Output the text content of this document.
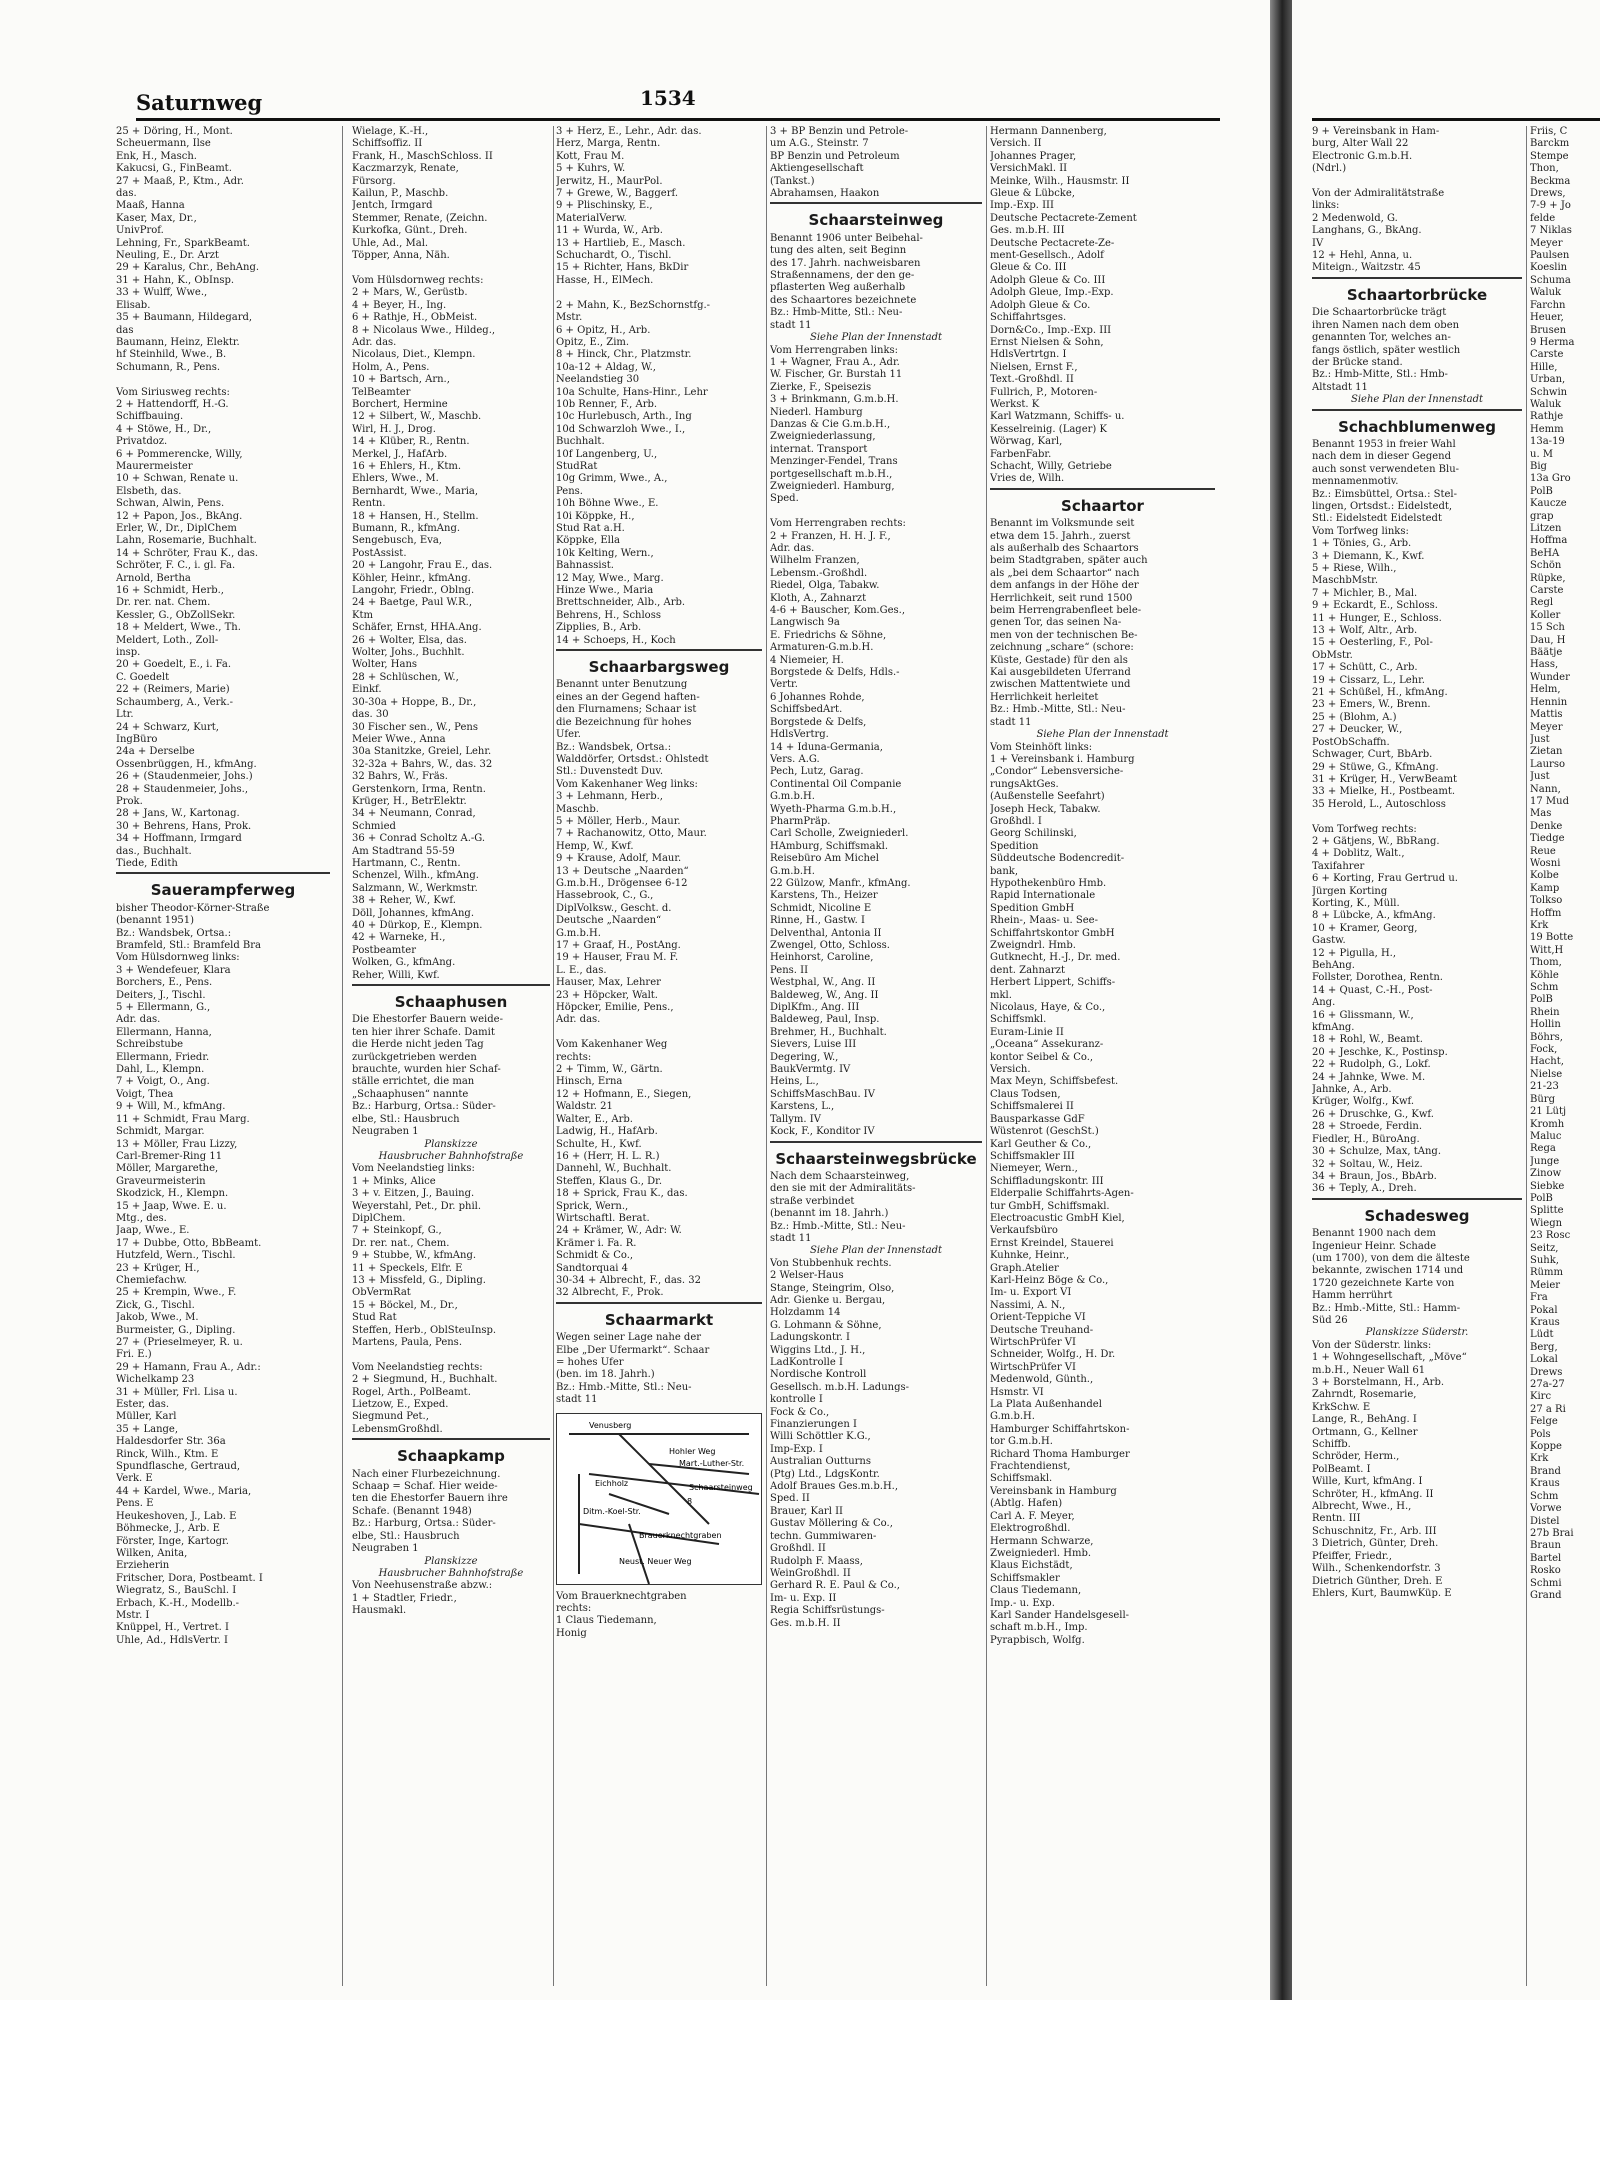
Saturnweg	1534
25 + Döring, H., Mont.
Scheuermann, Ilse
Enk, H., Masch.
Kakucsi, G., FinBeamt.
27 + Maaß, P., Ktm., Adr.
das.
Maaß, Hanna
Kaser, Max, Dr.,
UnivProf.
Lehning, Fr., SparkBeamt.
Neuling, E., Dr. Arzt
29 + Karalus, Chr., BehAng.
31 + Hahn, K., ObInsp.
33 + Wulff, Wwe.,
Elisab.
35 + Baumann, Hildegard,
das
Baumann, Heinz, Elektr.
hf Steinhild, Wwe., B.
Schumann, R., Pens.

Vom Siriusweg rechts:
2 + Hattendorff, H.-G.
Schiffbauing.
4 + Stöwe, H., Dr.,
Privatdoz.
6 + Pommerencke, Willy,
Maurermeister
10 + Schwan, Renate u.
Elsbeth, das.
Schwan, Alwin, Pens.
12 + Papon, Jos., BkAng.
Erler, W., Dr., DiplChem
Lahn, Rosemarie, Buchhalt.
14 + Schröter, Frau K., das.
Schröter, F. C., i. gl. Fa.
Arnold, Bertha
16 + Schmidt, Herb.,
Dr. rer. nat. Chem.
Kessler, G., ObZollSekr.
18 + Meldert, Wwe., Th.
Meldert, Loth., Zoll-
insp.
20 + Goedelt, E., i. Fa.
C. Goedelt
22 + (Reimers, Marie)
Schaumberg, A., Verk.-
Ltr.
24 + Schwarz, Kurt,
IngBüro
24a + Derselbe
Ossenbrüggen, H., kfmAng.
26 + (Staudenmeier, Johs.)
28 + Staudenmeier, Johs.,
Prok.
28 + Jans, W., Kartonag.
30 + Behrens, Hans, Prok.
34 + Hoffmann, Irmgard
das., Buchhalt.
Tiede, Edith
Sauerampferweg
bisher Theodor-Körner-Straße
(benannt 1951)
Bz.: Wandsbek, Ortsa.:
Bramfeld, Stl.: Bramfeld Bra
Vom Hülsdornweg links:
3 + Wendefeuer, Klara
Borchers, E., Pens.
Deiters, J., Tischl.
5 + Ellermann, G.,
Adr. das.
Ellermann, Hanna,
Schreibstube
Ellermann, Friedr.
Dahl, L., Klempn.
7 + Voigt, O., Ang.
Voigt, Thea
9 + Will, M., kfmAng.
11 + Schmidt, Frau Marg.
Schmidt, Margar.
13 + Möller, Frau Lizzy,
Carl-Bremer-Ring 11
Möller, Margarethe,
Graveurmeisterin
Skodzick, H., Klempn.
15 + Jaap, Wwe. E. u.
Mtg., des.
Jaap, Wwe., E.
17 + Dubbe, Otto, BbBeamt.
Hutzfeld, Wern., Tischl.
23 + Krüger, H.,
Chemiefachw.
25 + Krempin, Wwe., F.
Zick, G., Tischl.
Jakob, Wwe., M.
Burmeister, G., Dipling.
27 + (Prieselmeyer, R. u.
Fri. E.)
29 + Hamann, Frau A., Adr.:
Wichelkamp 23
31 + Müller, Frl. Lisa u.
Ester, das.
Müller, Karl
35 + Lange,
Haldesdorfer Str. 36a
Rinck, Wilh., Ktm. E
Spundflasche, Gertraud,
Verk. E
44 + Kardel, Wwe., Maria,
Pens. E
Heukeshoven, J., Lab. E
Böhmecke, J., Arb. E
Förster, Inge, Kartogr.
Wilken, Anita,
Erzieherin
Fritscher, Dora, Postbeamt. I
Wiegratz, S., BauSchl. I
Erbach, K.-H., Modellb.-
Mstr. I
Knüppel, H., Vertret. I
Uhle, Ad., HdlsVertr. I
Wielage, K.-H.,
Schiffsoffiz. II
Frank, H., MaschSchloss. II
Kaczmarzyk, Renate,
Fürsorg.
Kailun, P., Maschb.
Jentch, Irmgard
Stemmer, Renate, (Zeichn.
Kurkofka, Günt., Dreh.
Uhle, Ad., Mal.
Töpper, Anna, Näh.

Vom Hülsdornweg rechts:
2 + Mars, W., Gerüstb.
4 + Beyer, H., Ing.
6 + Rathje, H., ObMeist.
8 + Nicolaus Wwe., Hildeg.,
Adr. das.
Nicolaus, Diet., Klempn.
Holm, A., Pens.
10 + Bartsch, Arn.,
TelBeamter
Borchert, Hermine
12 + Silbert, W., Maschb.
Wirl, H. J., Drog.
14 + Klüber, R., Rentn.
Merkel, J., HafArb.
16 + Ehlers, H., Ktm.
Ehlers, Wwe., M.
Bernhardt, Wwe., Maria,
Rentn.
18 + Hansen, H., Stellm.
Bumann, R., kfmAng.
Sengebusch, Eva,
PostAssist.
20 + Langohr, Frau E., das.
Köhler, Heinr., kfmAng.
Langohr, Friedr., Oblng.
24 + Baetge, Paul W.R.,
Ktm
Schäfer, Ernst, HHA.Ang.
26 + Wolter, Elsa, das.
Wolter, Johs., Buchhlt.
Wolter, Hans
28 + Schlüschen, W.,
Einkf.
30-30a + Hoppe, B., Dr.,
das. 30
30 Fischer sen., W., Pens
Meier Wwe., Anna
30a Stanitzke, Greiel, Lehr.
32-32a + Bahrs, W., das. 32
32 Bahrs, W., Fräs.
Gerstenkorn, Irma, Rentn.
Krüger, H., BetrElektr.
34 + Neumann, Conrad,
Schmied
36 + Conrad Scholtz A.-G.
Am Stadtrand 55-59
Hartmann, C., Rentn.
Schenzel, Wilh., kfmAng.
Salzmann, W., Werkmstr.
38 + Reher, W., Kwf.
Döll, Johannes, kfmAng.
40 + Dürkop, E., Klempn.
42 + Warneke, H.,
Postbeamter
Wolken, G., kfmAng.
Reher, Willi, Kwf.
Schaaphusen
Die Ehestorfer Bauern weide-
ten hier ihrer Schafe. Damit
die Herde nicht jeden Tag
zurückgetrieben werden
brauchte, wurden hier Schaf-
ställe errichtet, die man
„Schaaphusen“ nannte
Bz.: Harburg, Ortsa.: Süder-
elbe, Stl.: Hausbruch
Neugraben 1
Planskizze
Hausbrucher Bahnhofstraße
Vom Neelandstieg links:
1 + Minks, Alice
3 + v. Eitzen, J., Bauing.
Weyerstahl, Pet., Dr. phil.
DiplChem.
7 + Steinkopf, G.,
Dr. rer. nat., Chem.
9 + Stubbe, W., kfmAng.
11 + Speckels, Elfr. E
13 + Missfeld, G., Dipling.
ObVermRat
15 + Böckel, M., Dr.,
Stud Rat
Steffen, Herb., OblSteuInsp.
Martens, Paula, Pens.

Vom Neelandstieg rechts:
2 + Siegmund, H., Buchhalt.
Rogel, Arth., PolBeamt.
Lietzow, E., Exped.
Siegmund Pet.,
LebensmGroßhdl.
Schaapkamp
Nach einer Flurbezeichnung.
Schaap = Schaf. Hier weide-
ten die Ehestorfer Bauern ihre
Schafe. (Benannt 1948)
Bz.: Harburg, Ortsa.: Süder-
elbe, Stl.: Hausbruch
Neugraben 1
Planskizze
Hausbrucher Bahnhofstraße
Von Neehusenstraße abzw.:
1 + Stadtler, Friedr.,
Hausmakl.
3 + Herz, E., Lehr., Adr. das.
Herz, Marga, Rentn.
Kott, Frau M.
5 + Kuhrs, W.
Jerwitz, H., MaurPol.
7 + Grewe, W., Baggerf.
9 + Plischinsky, E.,
MaterialVerw.
11 + Wurda, W., Arb.
13 + Hartlieb, E., Masch.
Schuchardt, O., Tischl.
15 + Richter, Hans, BkDir
Hasse, H., ElMech.

2 + Mahn, K., BezSchornstfg.-
Mstr.
6 + Opitz, H., Arb.
Opitz, E., Zim.
8 + Hinck, Chr., Platzmstr.
10a-12 + Aldag, W.,
Neelandstieg 30
10a Schulte, Hans-Hinr., Lehr
10b Renner, F., Arb.
10c Hurlebusch, Arth., Ing
10d Schwarzloh Wwe., I.,
Buchhalt.
10f Langenberg, U.,
StudRat
10g Grimm, Wwe., A.,
Pens.
10h Böhne Wwe., E.
10i Köppke, H.,
Stud Rat a.H.
Köppke, Ella
10k Kelting, Wern.,
Bahnassist.
12 May, Wwe., Marg.
Hinze Wwe., Maria
Brettschneider, Alb., Arb.
Behrens, H., Schloss
Zipplies, B., Arb.
14 + Schoeps, H., Koch
Schaarbargsweg
Benannt unter Benutzung
eines an der Gegend haften-
den Flurnamens; Schaar ist
die Bezeichnung für hohes
Ufer.
Bz.: Wandsbek, Ortsa.:
Walddörfer, Ortsdst.: Ohlstedt
Stl.: Duvenstedt Duv.
Vom Kakenhaner Weg links:
3 + Lehmann, Herb.,
Maschb.
5 + Möller, Herb., Maur.
7 + Rachanowitz, Otto, Maur.
Hemp, W., Kwf.
9 + Krause, Adolf, Maur.
13 + Deutsche „Naarden“
G.m.b.H., Drögensee 6-12
Hassebrook, C., G.,
DiplVolksw., Gescht. d.
Deutsche „Naarden“
G.m.b.H.
17 + Graaf, H., PostAng.
19 + Hauser, Frau M. F.
L. E., das.
Hauser, Max, Lehrer
23 + Höpcker, Walt.
Höpcker, Emilie, Pens.,
Adr. das.

Vom Kakenhaner Weg
rechts:
2 + Timm, W., Gärtn.
Hinsch, Erna
12 + Hofmann, E., Siegen,
Waldstr. 21
Walter, E., Arb.
Ladwig, H., HafArb.
Schulte, H., Kwf.
16 + (Herr, H. L. R.)
Dannehl, W., Buchhalt.
Steffen, Klaus G., Dr.
18 + Sprick, Frau K., das.
Sprick, Wern.,
Wirtschaftl. Berat.
24 + Krämer, W., Adr: W.
Krämer i. Fa. R.
Schmidt & Co.,
Sandtorquai 4
30-34 + Albrecht, F., das. 32
32 Albrecht, F., Prok.
Schaarmarkt
Wegen seiner Lage nahe der
Elbe „Der Ufermarkt“. Schaar
= hohes Ufer
(ben. im 18. Jahrh.)
Bz.: Hmb.-Mitte, Stl.: Neu-
stadt 11
Venusberg
Hohler Weg
Mart.-Luther-Str.
Eichholz	Schaarsteinweg
Ditm.-Koel-Str.
Brauerknechtgraben
Neust. Neuer Weg
8
Vom Brauerknechtgraben
rechts:
1 Claus Tiedemann,
Honig
3 + BP Benzin und Petrole-
um A.G., Steinstr. 7
BP Benzin und Petroleum
Aktiengesellschaft
(Tankst.)
Abrahamsen, Haakon
Schaarsteinweg
Benannt 1906 unter Beibehal-
tung des alten, seit Beginn
des 17. Jahrh. nachweisbaren
Straßennamens, der den ge-
pflasterten Weg außerhalb
des Schaartores bezeichnete
Bz.: Hmb-Mitte, Stl.: Neu-
stadt 11
Siehe Plan der Innenstadt
Vom Herrengraben links:
1 + Wagner, Frau A., Adr.
W. Fischer, Gr. Burstah 11
Zierke, F., Speisezis
3 + Brinkmann, G.m.b.H.
Niederl. Hamburg
Danzas & Cie G.m.b.H.,
Zweigniederlassung,
internat. Transport
Menzinger-Fendel, Trans
portgesellschaft m.b.H.,
Zweigniederl. Hamburg,
Sped.

Vom Herrengraben rechts:
2 + Franzen, H. H. J. F.,
Adr. das.
Wilhelm Franzen,
Lebensm.-Großhdl.
Riedel, Olga, Tabakw.
Kloth, A., Zahnarzt
4-6 + Bauscher, Kom.Ges.,
Langwisch 9a
E. Friedrichs & Söhne,
Armaturen-G.m.b.H.
4 Niemeier, H.
Borgstede & Delfs, Hdls.-
Vertr.
6 Johannes Rohde,
SchiffsbedArt.
Borgstede & Delfs,
HdlsVertrg.
14 + Iduna-Germania,
Vers. A.G.
Pech, Lutz, Garag.
Continental Oil Companie
G.m.b.H.
Wyeth-Pharma G.m.b.H.,
PharmPräp.
Carl Scholle, Zweigniederl.
HAmburg, Schiffsmakl.
Reisebüro Am Michel
G.m.b.H.
22 Gülzow, Manfr., kfmAng.
Karstens, Th., Heizer
Schmidt, Nicoline E
Rinne, H., Gastw. I
Delventhal, Antonia II
Zwengel, Otto, Schloss.
Heinhorst, Caroline,
Pens. II
Westphal, W., Ang. II
Baldeweg, W., Ang. II
DiplKfm., Ang. III
Baldeweg, Paul, Insp.
Brehmer, H., Buchhalt.
Sievers, Luise III
Degering, W.,
BaukVermtg. IV
Heins, L.,
SchiffsMaschBau. IV
Karstens, L.,
Tallym. IV
Kock, F., Konditor IV
Schaarsteinwegsbrücke
Nach dem Schaarsteinweg,
den sie mit der Admiralitäts-
straße verbindet
(benannt im 18. Jahrh.)
Bz.: Hmb.-Mitte, Stl.: Neu-
stadt 11
Siehe Plan der Innenstadt
Von Stubbenhuk rechts.
2 Welser-Haus
Stange, Steingrim, Olso,
Adr. Gienke u. Bergau,
Holzdamm 14
G. Lohmann & Söhne,
Ladungskontr. I
Wiggins Ltd., J. H.,
LadKontrolle I
Nordische Kontroll
Gesellsch. m.b.H. Ladungs-
kontrolle I
Fock & Co.,
Finanzierungen I
Willi Schöttler K.G.,
Imp-Exp. I
Australian Outturns
(Ptg) Ltd., LdgsKontr.
Adolf Braues Ges.m.b.H.,
Sped. II
Brauer, Karl II
Gustav Möllering & Co.,
techn. Gummiwaren-
Großhdl. II
Rudolph F. Maass,
WeinGroßhdl. II
Gerhard R. E. Paul & Co.,
Im- u. Exp. II
Regia Schiffsrüstungs-
Ges. m.b.H. II
Hermann Dannenberg,
Versich. II
Johannes Prager,
VersichMakl. II
Meinke, Wilh., Hausmstr. II
Gleue & Lübcke,
Imp.-Exp. III
Deutsche Pectacrete-Zement
Ges. m.b.H. III
Deutsche Pectacrete-Ze-
ment-Gesellsch., Adolf
Gleue & Co. III
Adolph Gleue & Co. III
Adolph Gleue, Imp.-Exp.
Adolph Gleue & Co.
Schiffahrtsges.
Dorn&Co., Imp.-Exp. III
Ernst Nielsen & Sohn,
HdlsVertrtgn. I
Nielsen, Ernst F.,
Text.-Großhdl. II
Fullrich, P., Motoren-
Werkst. K
Karl Watzmann, Schiffs- u.
Kesselreinig. (Lager) K
Wörwag, Karl,
FarbenFabr.
Schacht, Willy, Getriebe
Vries de, Wilh.
Schaartor
Benannt im Volksmunde seit
etwa dem 15. Jahrh., zuerst
als außerhalb des Schaartors
beim Stadtgraben, später auch
als „bei dem Schaartor“ nach
dem anfangs in der Höhe der
Herrlichkeit, seit rund 1500
beim Herrengrabenfleet bele-
genen Tor, das seinen Na-
men von der technischen Be-
zeichnung „schare“ (schore:
Küste, Gestade) für den als
Kai ausgebildeten Uferrand
zwischen Mattentwiete und
Herrlichkeit herleitet
Bz.: Hmb.-Mitte, Stl.: Neu-
stadt 11
Siehe Plan der Innenstadt
Vom Steinhöft links:
1 + Vereinsbank i. Hamburg
„Condor“ Lebensversiche-
rungsAktGes.
(Außenstelle Seefahrt)
Joseph Heck, Tabakw.
Großhdl. I
Georg Schilinski,
Spedition
Süddeutsche Bodencredit-
bank,
Hypothekenbüro Hmb.
Rapid Internationale
Spedition GmbH
Rhein-, Maas- u. See-
Schiffahrtskontor GmbH
Zweigndrl. Hmb.
Gutknecht, H.-J., Dr. med.
dent. Zahnarzt
Herbert Lippert, Schiffs-
mkl.
Nicolaus, Haye, & Co.,
Schiffsmkl.
Euram-Linie II
„Oceana“ Assekuranz-
kontor Seibel & Co.,
Versich.
Max Meyn, Schiffsbefest.
Claus Todsen,
Schiffsmalerei II
Bausparkasse GdF
Wüstenrot (GeschSt.)
Karl Geuther & Co.,
Schiffsmakler III
Niemeyer, Wern.,
Schiffladungskontr. III
Elderpalie Schiffahrts-Agen-
tur GmbH, Schiffsmakl.
Electroacustic GmbH Kiel,
Verkaufsbüro
Ernst Kreindel, Stauerei
Kuhnke, Heinr.,
Graph.Atelier
Karl-Heinz Böge & Co.,
Im- u. Export VI
Nassimi, A. N.,
Orient-Teppiche VI
Deutsche Treuhand-
WirtschPrüfer VI
Schneider, Wolfg., H. Dr.
WirtschPrüfer VI
Medenwold, Günth.,
Hsmstr. VI
La Plata Außenhandel
G.m.b.H.
Hamburger Schiffahrtskon-
tor G.m.b.H.
Richard Thoma Hamburger
Frachtendienst,
Schiffsmakl.
Vereinsbank in Hamburg
(Abtlg. Hafen)
Carl A. F. Meyer,
Elektrogroßhdl.
Hermann Schwarze,
Zweigniederl. Hmb.
Klaus Eichstädt,
Schiffsmakler
Claus Tiedemann,
Imp.- u. Exp.
Karl Sander Handelsgesell-
schaft m.b.H., Imp.
Pyrapbisch, Wolfg.
9 + Vereinsbank in Ham-
burg, Alter Wall 22
Electronic G.m.b.H.
(Ndrl.)

Von der Admiralitätstraße
links:
2 Medenwold, G.
Langhans, G., BkAng.
IV
12 + Hehl, Anna, u.
Miteign., Waitzstr. 45
Schaartorbrücke
Die Schaartorbrücke trägt
ihren Namen nach dem oben
genannten Tor, welches an-
fangs östlich, später westlich
der Brücke stand.
Bz.: Hmb-Mitte, Stl.: Hmb-
Altstadt 11
Siehe Plan der Innenstadt
Schachblumenweg
Benannt 1953 in freier Wahl
nach dem in dieser Gegend
auch sonst verwendeten Blu-
mennamenmotiv.
Bz.: Eimsbüttel, Ortsa.: Stel-
lingen, Ortsdst.: Eidelstedt,
Stl.: Eidelstedt Eidelstedt
Vom Torfweg links:
1 + Tönies, G., Arb.
3 + Diemann, K., Kwf.
5 + Riese, Wilh.,
MaschbMstr.
7 + Michler, B., Mal.
9 + Eckardt, E., Schloss.
11 + Hunger, E., Schloss.
13 + Wolf, Altr., Arb.
15 + Oesterling, F., Pol-
ObMstr.
17 + Schütt, C., Arb.
19 + Cissarz, L., Lehr.
21 + Schüßel, H., kfmAng.
23 + Emers, W., Brenn.
25 + (Blohm, A.)
27 + Deucker, W.,
PostObSchaffn.
Schwager, Curt, BbArb.
29 + Stüwe, G., KfmAng.
31 + Krüger, H., VerwBeamt
33 + Mielke, H., Postbeamt.
35 Herold, L., Autoschloss

Vom Torfweg rechts:
2 + Gätjens, W., BbRang.
4 + Doblitz, Walt.,
Taxifahrer
6 + Korting, Frau Gertrud u.
Jürgen Korting
Korting, K., Müll.
8 + Lübcke, A., kfmAng.
10 + Kramer, Georg,
Gastw.
12 + Pigulla, H.,
BehAng.
Follster, Dorothea, Rentn.
14 + Quast, C.-H., Post-
Ang.
16 + Glissmann, W.,
kfmAng.
18 + Rohl, W., Beamt.
20 + Jeschke, K., Postinsp.
22 + Rudolph, G., Lokf.
24 + Jahnke, Wwe. M.
Jahnke, A., Arb.
Krüger, Wolfg., Kwf.
26 + Druschke, G., Kwf.
28 + Stroede, Ferdin.
Fiedler, H., BüroAng.
30 + Schulze, Max, tAng.
32 + Soltau, W., Heiz.
34 + Braun, Jos., BbArb.
36 + Teply, A., Dreh.
Schadesweg
Benannt 1900 nach dem
Ingenieur Heinr. Schade
(um 1700), von dem die älteste
bekannte, zwischen 1714 und
1720 gezeichnete Karte von
Hamm herrührt
Bz.: Hmb.-Mitte, Stl.: Hamm-
Süd 26
Planskizze Süderstr.
Von der Süderstr. links:
1 + Wohngesellschaft, „Möve“
m.b.H., Neuer Wall 61
3 + Borstelmann, H., Arb.
Zahrndt, Rosemarie,
KrkSchw. E
Lange, R., BehAng. I
Ortmann, G., Kellner
Schiffb.
Schröder, Herm.,
PolBeamt. I
Wille, Kurt, kfmAng. I
Schröter, H., kfmAng. II
Albrecht, Wwe., H.,
Rentn. III
Schuschnitz, Fr., Arb. III
3 Dietrich, Günter, Dreh.
Pfeiffer, Friedr.,
Wilh., Schenkendorfstr. 3
Dietrich Günther, Dreh. E
Ehlers, Kurt, BaumwKüp. E
Friis, C
Barckm
Stempe
Thon,
Beckma
Drews,
7-9 + Jo
felde
7 Niklas
Meyer
Paulsen
Koeslin
Schuma
Waluk
Farchn
Heuer,
Brusen
9 Herma
Carste
Hille,
Urban,
Schwin
Waluk
Rathje
Hemm
13a-19
u. M
Big
13a Gro
PolB
Kaucze
grap
Litzen
Hoffma
BeHA
Schön
Rüpke,
Carste
Regl
Koller
15 Sch
Dau, H
Bäätje
Hass,
Wunder
Helm,
Hennin
Mattis
Meyer
Just
Zietan
Laurso
Just
Nann,
17 Mud
Mas
Denke
Tiedge
Reue
Wosni
Kolbe
Kamp
Tolkso
Hoffm
Krk
19 Botte
Witt,H
Thom,
Köhle
Schm
PolB
Rhein
Hollin
Böhrs,
Fock,
Hacht,
Nielse
21-23
Bürg
21 Lütj
Kromh
Maluc
Rega
Junge
Zinow
Siebke
PolB
Splitte
Wiegn
23 Rosc
Seitz,
Suhk,
Rümm
Meier
Fra
Pokal
Kraus
Lüdt
Berg,
Lokal
Drews
27a-27
Kirc
27 a Ri
Felge
Pols
Koppe
Krk
Brand
Kraus
Schm
Vorwe
Distel
27b Brai
Braun
Bartel
Rosko
Schmi
Grand
